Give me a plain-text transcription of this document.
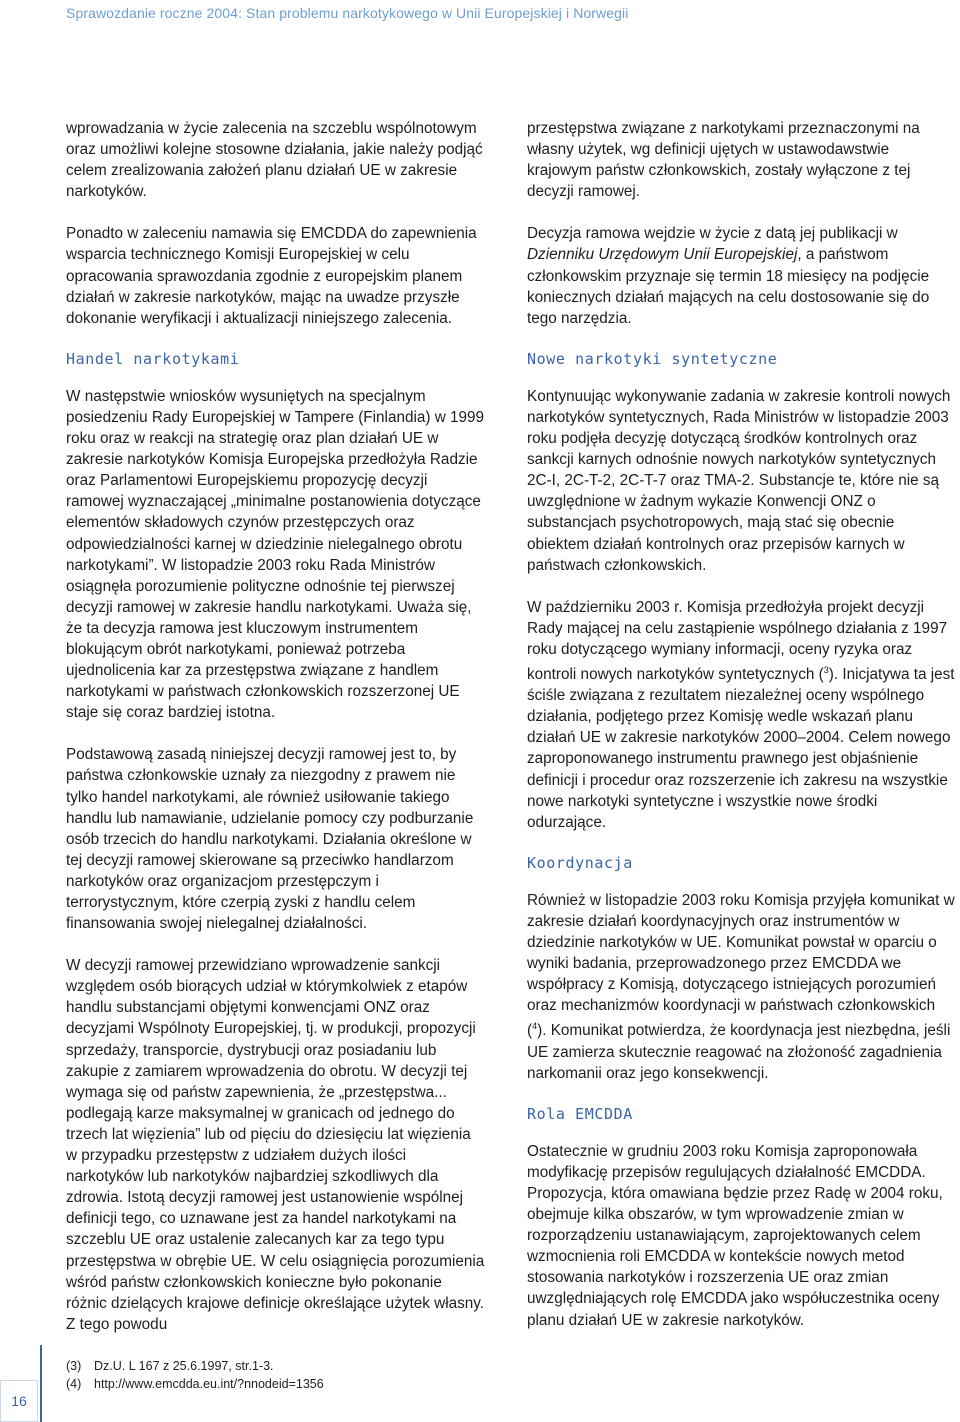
Sprawozdanie roczne 2004: Stan problemu narkotykowego w Unii Europejskiej i Norwegii

wprowadzania w życie zalecenia na szczeblu wspólnotowym oraz umożliwi kolejne stosowne działania, jakie należy podjąć celem zrealizowania założeń planu działań UE w zakresie narkotyków.

Ponadto w zaleceniu namawia się EMCDDA do zapewnienia wsparcia technicznego Komisji Europejskiej w celu opracowania sprawozdania zgodnie z europejskim planem działań w zakresie narkotyków, mając na uwadze przyszłe dokonanie weryfikacji i aktualizacji niniejszego zalecenia.

Handel narkotykami

W następstwie wniosków wysuniętych na specjalnym posiedzeniu Rady Europejskiej w Tampere (Finlandia) w 1999 roku oraz w reakcji na strategię oraz plan działań UE w zakresie narkotyków Komisja Europejska przedłożyła Radzie oraz Parlamentowi Europejskiemu propozycję decyzji ramowej wyznaczającej „minimalne postanowienia dotyczące elementów składowych czynów przestępczych oraz odpowiedzialności karnej w dziedzinie nielegalnego obrotu narkotykami”. W listopadzie 2003 roku Rada Ministrów osiągnęła porozumienie polityczne odnośnie tej pierwszej decyzji ramowej w zakresie handlu narkotykami. Uważa się, że ta decyzja ramowa jest kluczowym instrumentem blokującym obrót narkotykami, ponieważ potrzeba ujednolicenia kar za przestępstwa związane z handlem narkotykami w państwach członkowskich rozszerzonej UE staje się coraz bardziej istotna.

Podstawową zasadą niniejszej decyzji ramowej jest to, by państwa członkowskie uznały za niezgodny z prawem nie tylko handel narkotykami, ale również usiłowanie takiego handlu lub namawianie, udzielanie pomocy czy podburzanie osób trzecich do handlu narkotykami. Działania określone w tej decyzji ramowej skierowane są przeciwko handlarzom narkotyków oraz organizacjom przestępczym i terrorystycznym, które czerpią zyski z handlu celem finansowania swojej nielegalnej działalności.

W decyzji ramowej przewidziano wprowadzenie sankcji względem osób biorących udział w którymkolwiek z etapów handlu substancjami objętymi konwencjami ONZ oraz decyzjami Wspólnoty Europejskiej, tj. w produkcji, propozycji sprzedaży, transporcie, dystrybucji oraz posiadaniu lub zakupie z zamiarem wprowadzenia do obrotu. W decyzji tej wymaga się od państw zapewnienia, że „przestępstwa... podlegają karze maksymalnej w granicach od jednego do trzech lat więzienia” lub od pięciu do dziesięciu lat więzienia w przypadku przestępstw z udziałem dużych ilości narkotyków lub narkotyków najbardziej szkodliwych dla zdrowia. Istotą decyzji ramowej jest ustanowienie wspólnej definicji tego, co uznawane jest za handel narkotykami na szczeblu UE oraz ustalenie zalecanych kar za tego typu przestępstwa w obrębie UE. W celu osiągnięcia porozumienia wśród państw członkowskich konieczne było pokonanie różnic dzielących krajowe definicje określające użytek własny. Z tego powodu

przestępstwa związane z narkotykami przeznaczonymi na własny użytek, wg definicji ujętych w ustawodawstwie krajowym państw członkowskich, zostały wyłączone z tej decyzji ramowej.

Decyzja ramowa wejdzie w życie z datą jej publikacji w Dzienniku Urzędowym Unii Europejskiej, a państwom członkowskim przyznaje się termin 18 miesięcy na podjęcie koniecznych działań mających na celu dostosowanie się do tego narzędzia.

Nowe narkotyki syntetyczne

Kontynuując wykonywanie zadania w zakresie kontroli nowych narkotyków syntetycznych, Rada Ministrów w listopadzie 2003 roku podjęła decyzję dotyczącą środków kontrolnych oraz sankcji karnych odnośnie nowych narkotyków syntetycznych 2C-I, 2C-T-2, 2C-T-7 oraz TMA-2. Substancje te, które nie są uwzględnione w żadnym wykazie Konwencji ONZ o substancjach psychotropowych, mają stać się obecnie obiektem działań kontrolnych oraz przepisów karnych w państwach członkowskich.

W październiku 2003 r. Komisja przedłożyła projekt decyzji Rady mającej na celu zastąpienie wspólnego działania z 1997 roku dotyczącego wymiany informacji, oceny ryzyka oraz kontroli nowych narkotyków syntetycznych ($^3$). Inicjatywa ta jest ściśle związana z rezultatem niezależnej oceny wspólnego działania, podjętego przez Komisję wedle wskazań planu działań UE w zakresie narkotyków 2000–2004. Celem nowego zaproponowanego instrumentu prawnego jest objaśnienie definicji i procedur oraz rozszerzenie ich zakresu na wszystkie nowe narkotyki syntetyczne i wszystkie nowe środki odurzające.

Koordynacja

Również w listopadzie 2003 roku Komisja przyjęła komunikat w zakresie działań koordynacyjnych oraz instrumentów w dziedzinie narkotyków w UE. Komunikat powstał w oparciu o wyniki badania, przeprowadzonego przez EMCDDA we współpracy z Komisją, dotyczącego istniejących porozumień oraz mechanizmów koordynacji w państwach członkowskich ($^4$). Komunikat potwierdza, że koordynacja jest niezbędna, jeśli UE zamierza skutecznie reagować na złożoność zagadnienia narkomanii oraz jego konsekwencji.

Rola EMCDDA

Ostatecznie w grudniu 2003 roku Komisja zaproponowała modyfikację przepisów regulujących działalność EMCDDA. Propozycja, która omawiana będzie przez Radę w 2004 roku, obejmuje kilka obszarów, w tym wprowadzenie zmian w rozporządzeniu ustanawiającym, zaprojektowanych celem wzmocnienia roli EMCDDA w kontekście nowych metod stosowania narkotyków i rozszerzenia UE oraz zmian uwzględniających rolę EMCDDA jako współuczestnika oceny planu działań UE w zakresie narkotyków.

(3)	Dz.U. L 167 z 25.6.1997, str.1-3.
(4)	http://www.emcdda.eu.int/?nnodeid=1356
16
